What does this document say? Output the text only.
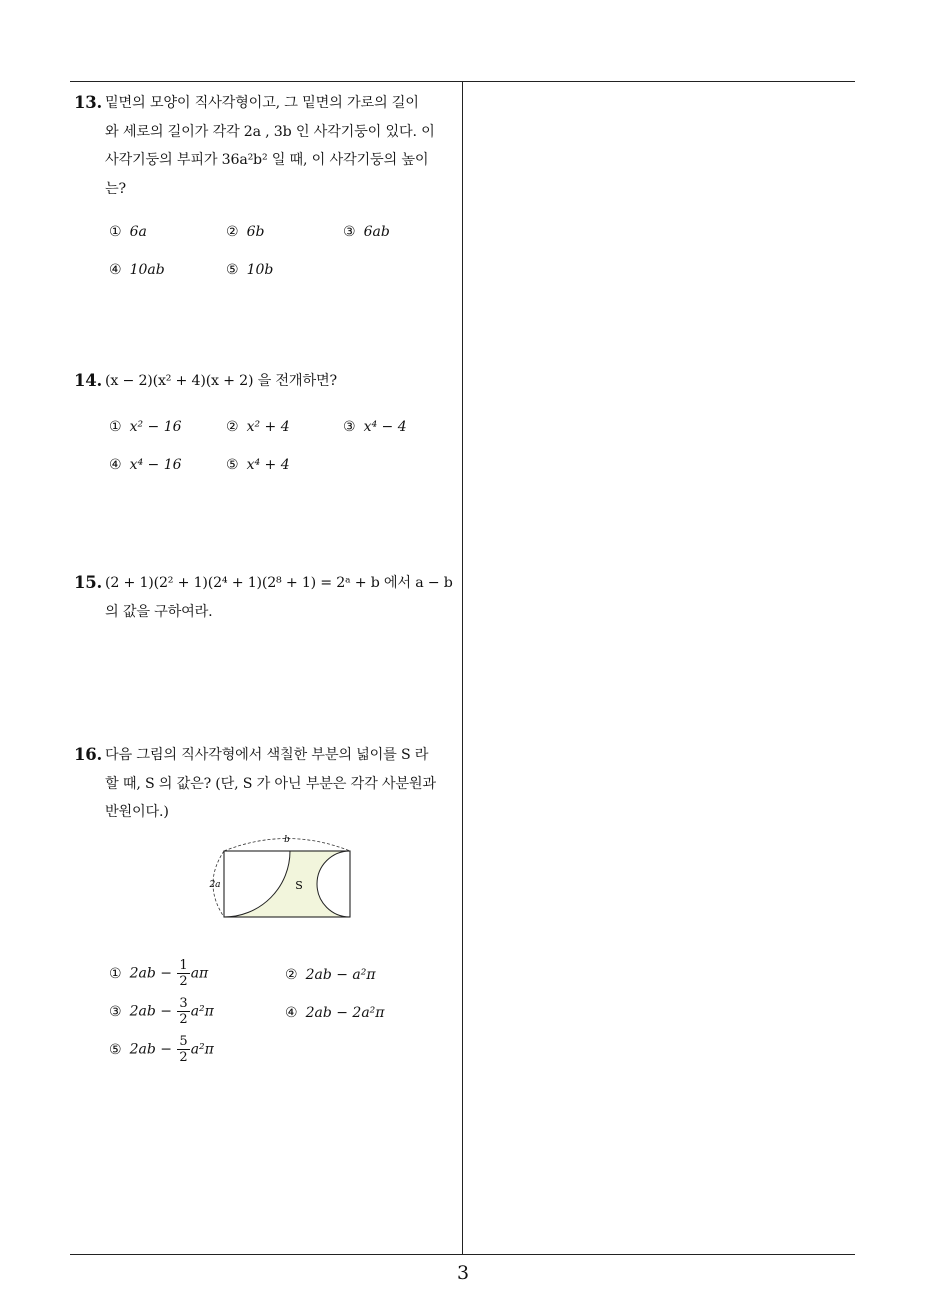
13. 밑면의 모양이 직사각형이고, 그 밑면의 가로의 길이
와 세로의 길이가 각각 2a , 3b 인 사각기둥이 있다. 이
사각기둥의 부피가 36a²b² 일 때, 이 사각기둥의 높이
는?
① 6a	② 6b	③ 6ab
④ 10ab	⑤ 10b
14. (x − 2)(x² + 4)(x + 2) 을 전개하면?
① x² − 16	② x² + 4	③ x⁴ − 4
④ x⁴ − 16	⑤ x⁴ + 4
15. (2 + 1)(2² + 1)(2⁴ + 1)(2⁸ + 1) = 2ᵃ + b 에서 a − b
의 값을 구하여라.
16. 다음 그림의 직사각형에서 색칠한 부분의 넓이를 S 라
할 때, S 의 값은? (단, S 가 아닌 부분은 각각 사분원과
반원이다.)
b
2a	S
① $2ab - \frac{1}{2}$ aπ	② 2ab − a²π
③ $2ab - \frac{3}{2} a^2\pi$	④ 2ab − 2a²π
⑤ $2ab - \frac{5}{2} a^2\pi$
3
